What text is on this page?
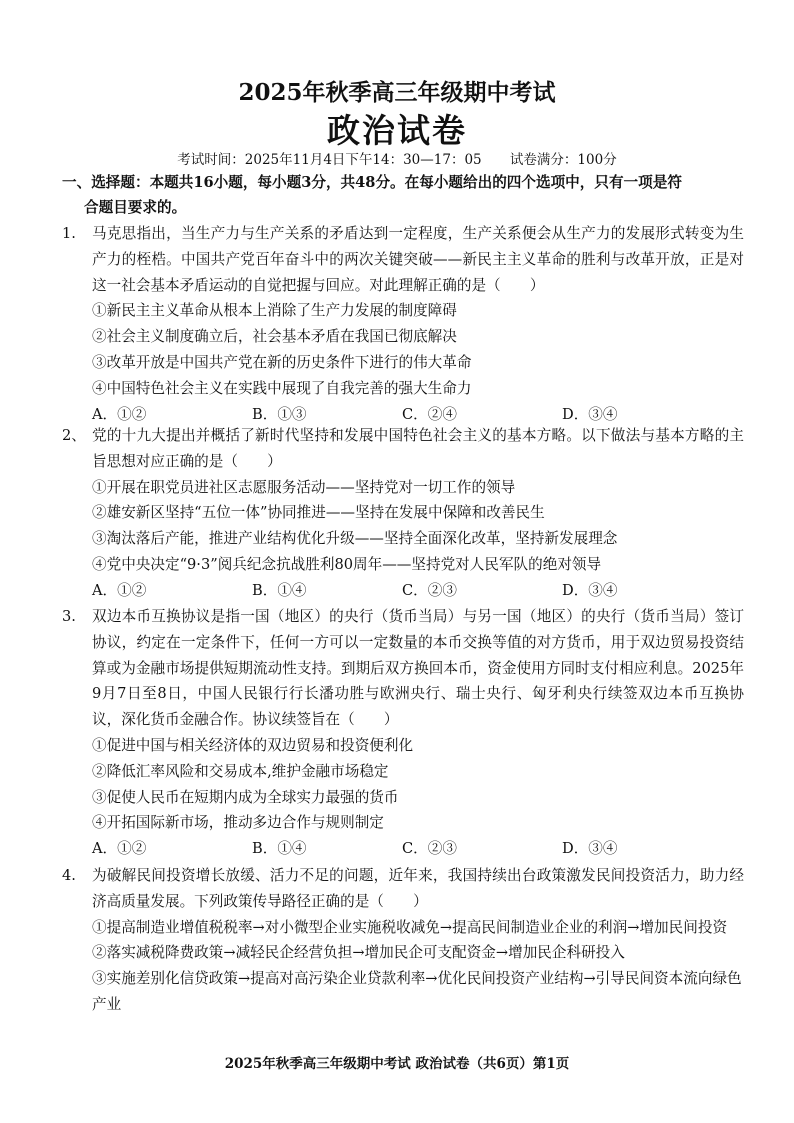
2025年秋季高三年级期中考试
政治试卷
考试时间：2025年11月4日下午14：30—17：05 试卷满分：100分
一、选择题：本题共16小题，每小题3分，共48分。在每小题给出的四个选项中，只有一项是符
合题目要求的。
1. 马克思指出，当生产力与生产关系的矛盾达到一定程度，生产关系便会从生产力的发展形式转变为生产力的桎梏。中国共产党百年奋斗中的两次关键突破——新民主主义革命的胜利与改革开放，正是对这一社会基本矛盾运动的自觉把握与回应。对此理解正确的是（　　）
①新民主主义革命从根本上消除了生产力发展的制度障碍
②社会主义制度确立后，社会基本矛盾在我国已彻底解决
③改革开放是中国共产党在新的历史条件下进行的伟大革命
④中国特色社会主义在实践中展现了自我完善的强大生命力
A．①②	B．①③	C．②④	D．③④
2、 党的十九大提出并概括了新时代坚持和发展中国特色社会主义的基本方略。以下做法与基本方略的主旨思想对应正确的是（　　）
①开展在职党员进社区志愿服务活动——坚持党对一切工作的领导
②雄安新区坚持“五位一体”协同推进——坚持在发展中保障和改善民生
③淘汰落后产能，推进产业结构优化升级——坚持全面深化改革，坚持新发展理念
④党中央决定“9·3”阅兵纪念抗战胜利80周年——坚持党对人民军队的绝对领导
A．①②	B．①④	C．②③	D．③④
3. 双边本币互换协议是指一国（地区）的央行（货币当局）与另一国（地区）的央行（货币当局）签订协议，约定在一定条件下，任何一方可以一定数量的本币交换等值的对方货币，用于双边贸易投资结算或为金融市场提供短期流动性支持。到期后双方换回本币，资金使用方同时支付相应利息。2025年9月7日至8日，中国人民银行行长潘功胜与欧洲央行、瑞士央行、匈牙利央行续签双边本币互换协议，深化货币金融合作。协议续签旨在（　　）
①促进中国与相关经济体的双边贸易和投资便利化
②降低汇率风险和交易成本,维护金融市场稳定
③促使人民币在短期内成为全球实力最强的货币
④开拓国际新市场，推动多边合作与规则制定
A．①②	B．①④	C．②③	D．③④
4. 为破解民间投资增长放缓、活力不足的问题，近年来，我国持续出台政策激发民间投资活力，助力经济高质量发展。下列政策传导路径正确的是（　　）
①提高制造业增值税税率→对小微型企业实施税收减免→提高民间制造业企业的利润→增加民间投资
②落实减税降费政策→减轻民企经营负担→增加民企可支配资金→增加民企科研投入
③实施差别化信贷政策→提高对高污染企业贷款利率→优化民间投资产业结构→引导民间资本流向绿色产业
2025年秋季高三年级期中考试 政治试卷（共6页）第1页
